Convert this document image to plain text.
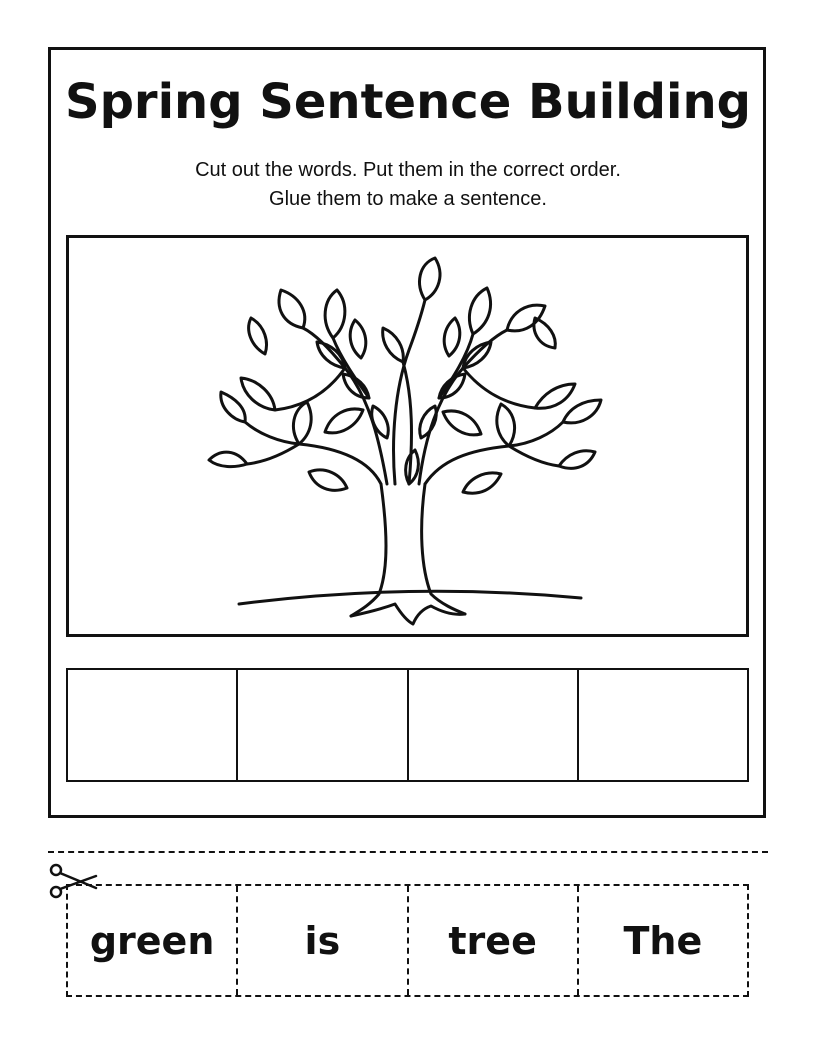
Spring Sentence Building
Cut out the words. Put them in the correct order.
Glue them to make a sentence.
green	is	tree	The
